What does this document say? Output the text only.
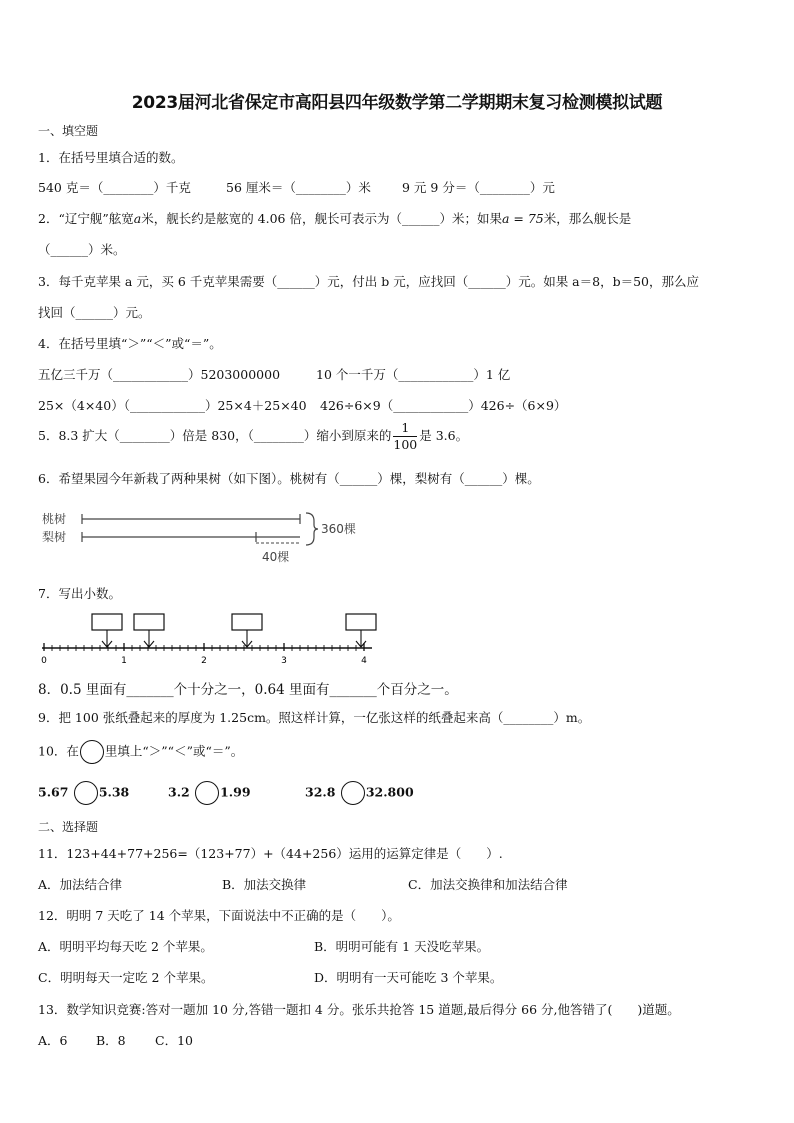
2023届河北省保定市高阳县四年级数学第二学期期末复习检测模拟试题
一、填空题
1．在括号里填合适的数。
540 克＝（________）千克	56 厘米＝（________）米 9 元 9 分＝（________）元
2．“辽宁舰”舷宽a米，舰长约是舷宽的 4.06 倍，舰长可表示为（______）米；如果a = 75米，那么舰长是
（______）米。
3．每千克苹果 a 元，买 6 千克苹果需要（______）元，付出 b 元，应找回（______）元。如果 a＝8，b＝50，那么应
找回（______）元。
4．在括号里填“＞”“＜”或“＝”。
五亿三千万（____________）5203000000	10 个一千万（____________）1 亿
25×（4×40）（____________）25×4＋25×40 426÷6×9（____________）426÷（6×9）
5．8.3 扩大（________）倍是 830，（________）缩小到原来的 $\frac{1}{100}$ 是 3.6。
6．希望果园今年新栽了两种果树（如下图）。桃树有（______）棵，梨树有（______）棵。
桃树
梨树
360棵
40棵
7．写出小数。
0	1	2	3	4
8．0.5 里面有_______个十分之一，0.64 里面有_______个百分之一。
9．把 100 张纸叠起来的厚度为 1.25cm。照这样计算，一亿张这样的纸叠起来高（________）m。
10．在 里填上“＞”“＜”或“＝”。
5.67 5.38	3.2 1.99	32.8 32.800
二、选择题
11．123+44+77+256=（123+77）+（44+256）运用的运算定律是（　　）.
A．加法结合律	B．加法交换律	C．加法交换律和加法结合律
12．明明 7 天吃了 14 个苹果，下面说法中不正确的是（　　）。
A．明明平均每天吃 2 个苹果。	B．明明可能有 1 天没吃苹果。
C．明明每天一定吃 2 个苹果。	D．明明有一天可能吃 3 个苹果。
13．数学知识竞赛:答对一题加 10 分,答错一题扣 4 分。张乐共抢答 15 道题,最后得分 66 分,他答错了(　　)道题。
A．6 B．8 C．10
